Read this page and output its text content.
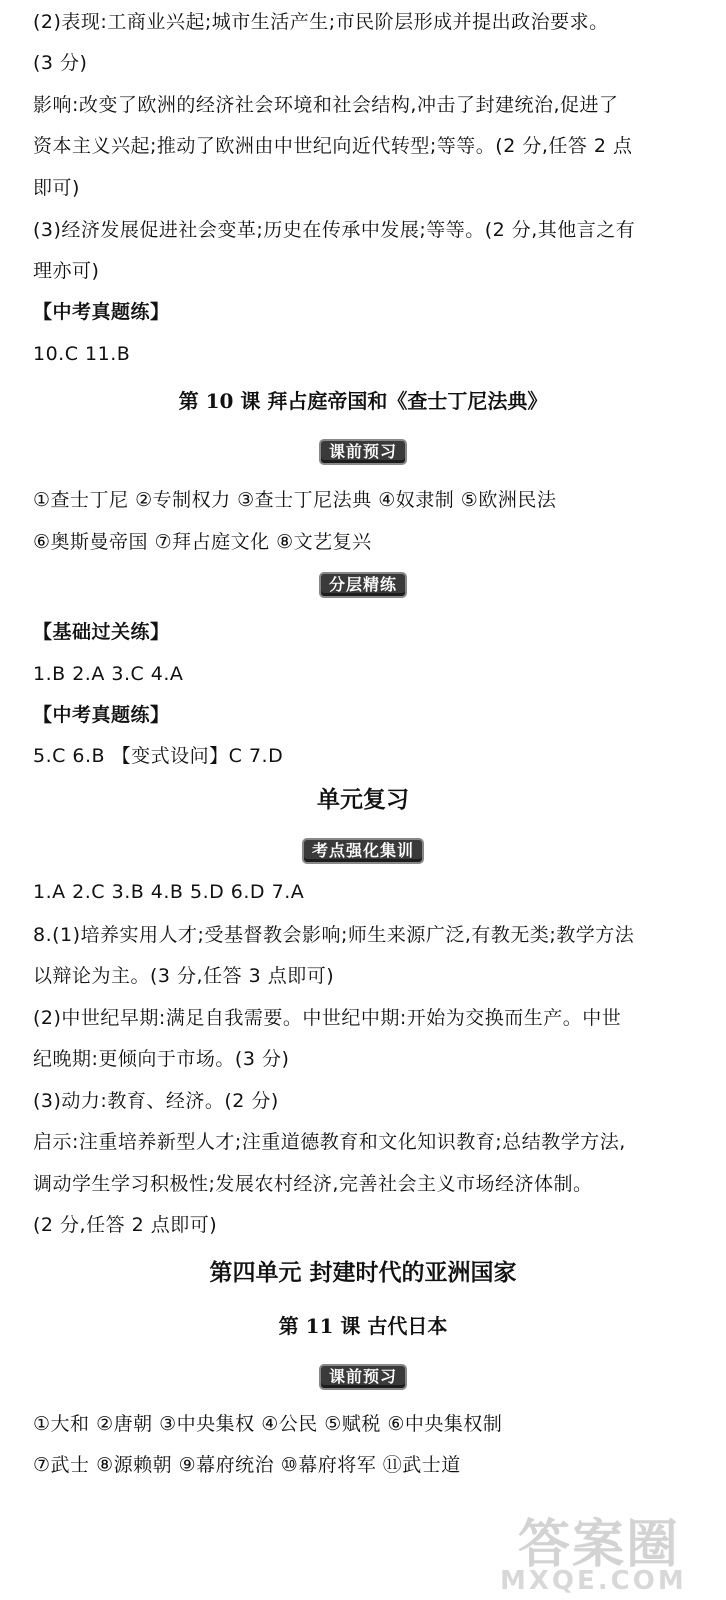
(2)表现:工商业兴起;城市生活产生;市民阶层形成并提出政治要求。
(3 分)
影响:改变了欧洲的经济社会环境和社会结构,冲击了封建统治,促进了
资本主义兴起;推动了欧洲由中世纪向近代转型;等等。(2 分,任答 2 点
即可)
(3)经济发展促进社会变革;历史在传承中发展;等等。(2 分,其他言之有
理亦可)
【中考真题练】
10.C 11.B
第 10 课 拜占庭帝国和《查士丁尼法典》
课前预习
①查士丁尼 ②专制权力 ③查士丁尼法典 ④奴隶制 ⑤欧洲民法
⑥奥斯曼帝国 ⑦拜占庭文化 ⑧文艺复兴
分层精练
【基础过关练】
1.B 2.A 3.C 4.A
【中考真题练】
5.C 6.B 【变式设问】C 7.D
单元复习
考点强化集训
1.A 2.C 3.B 4.B 5.D 6.D 7.A
8.(1)培养实用人才;受基督教会影响;师生来源广泛,有教无类;教学方法
以辩论为主。(3 分,任答 3 点即可)
(2)中世纪早期:满足自我需要。中世纪中期:开始为交换而生产。中世
纪晚期:更倾向于市场。(3 分)
(3)动力:教育、经济。(2 分)
启示:注重培养新型人才;注重道德教育和文化知识教育;总结教学方法,
调动学生学习积极性;发展农村经济,完善社会主义市场经济体制。
(2 分,任答 2 点即可)
第四单元 封建时代的亚洲国家
第 11 课 古代日本
课前预习
①大和 ②唐朝 ③中央集权 ④公民 ⑤赋税 ⑥中央集权制
⑦武士 ⑧源赖朝 ⑨幕府统治 ⑩幕府将军 ⑪武士道
答案圈
MXQE.COM
